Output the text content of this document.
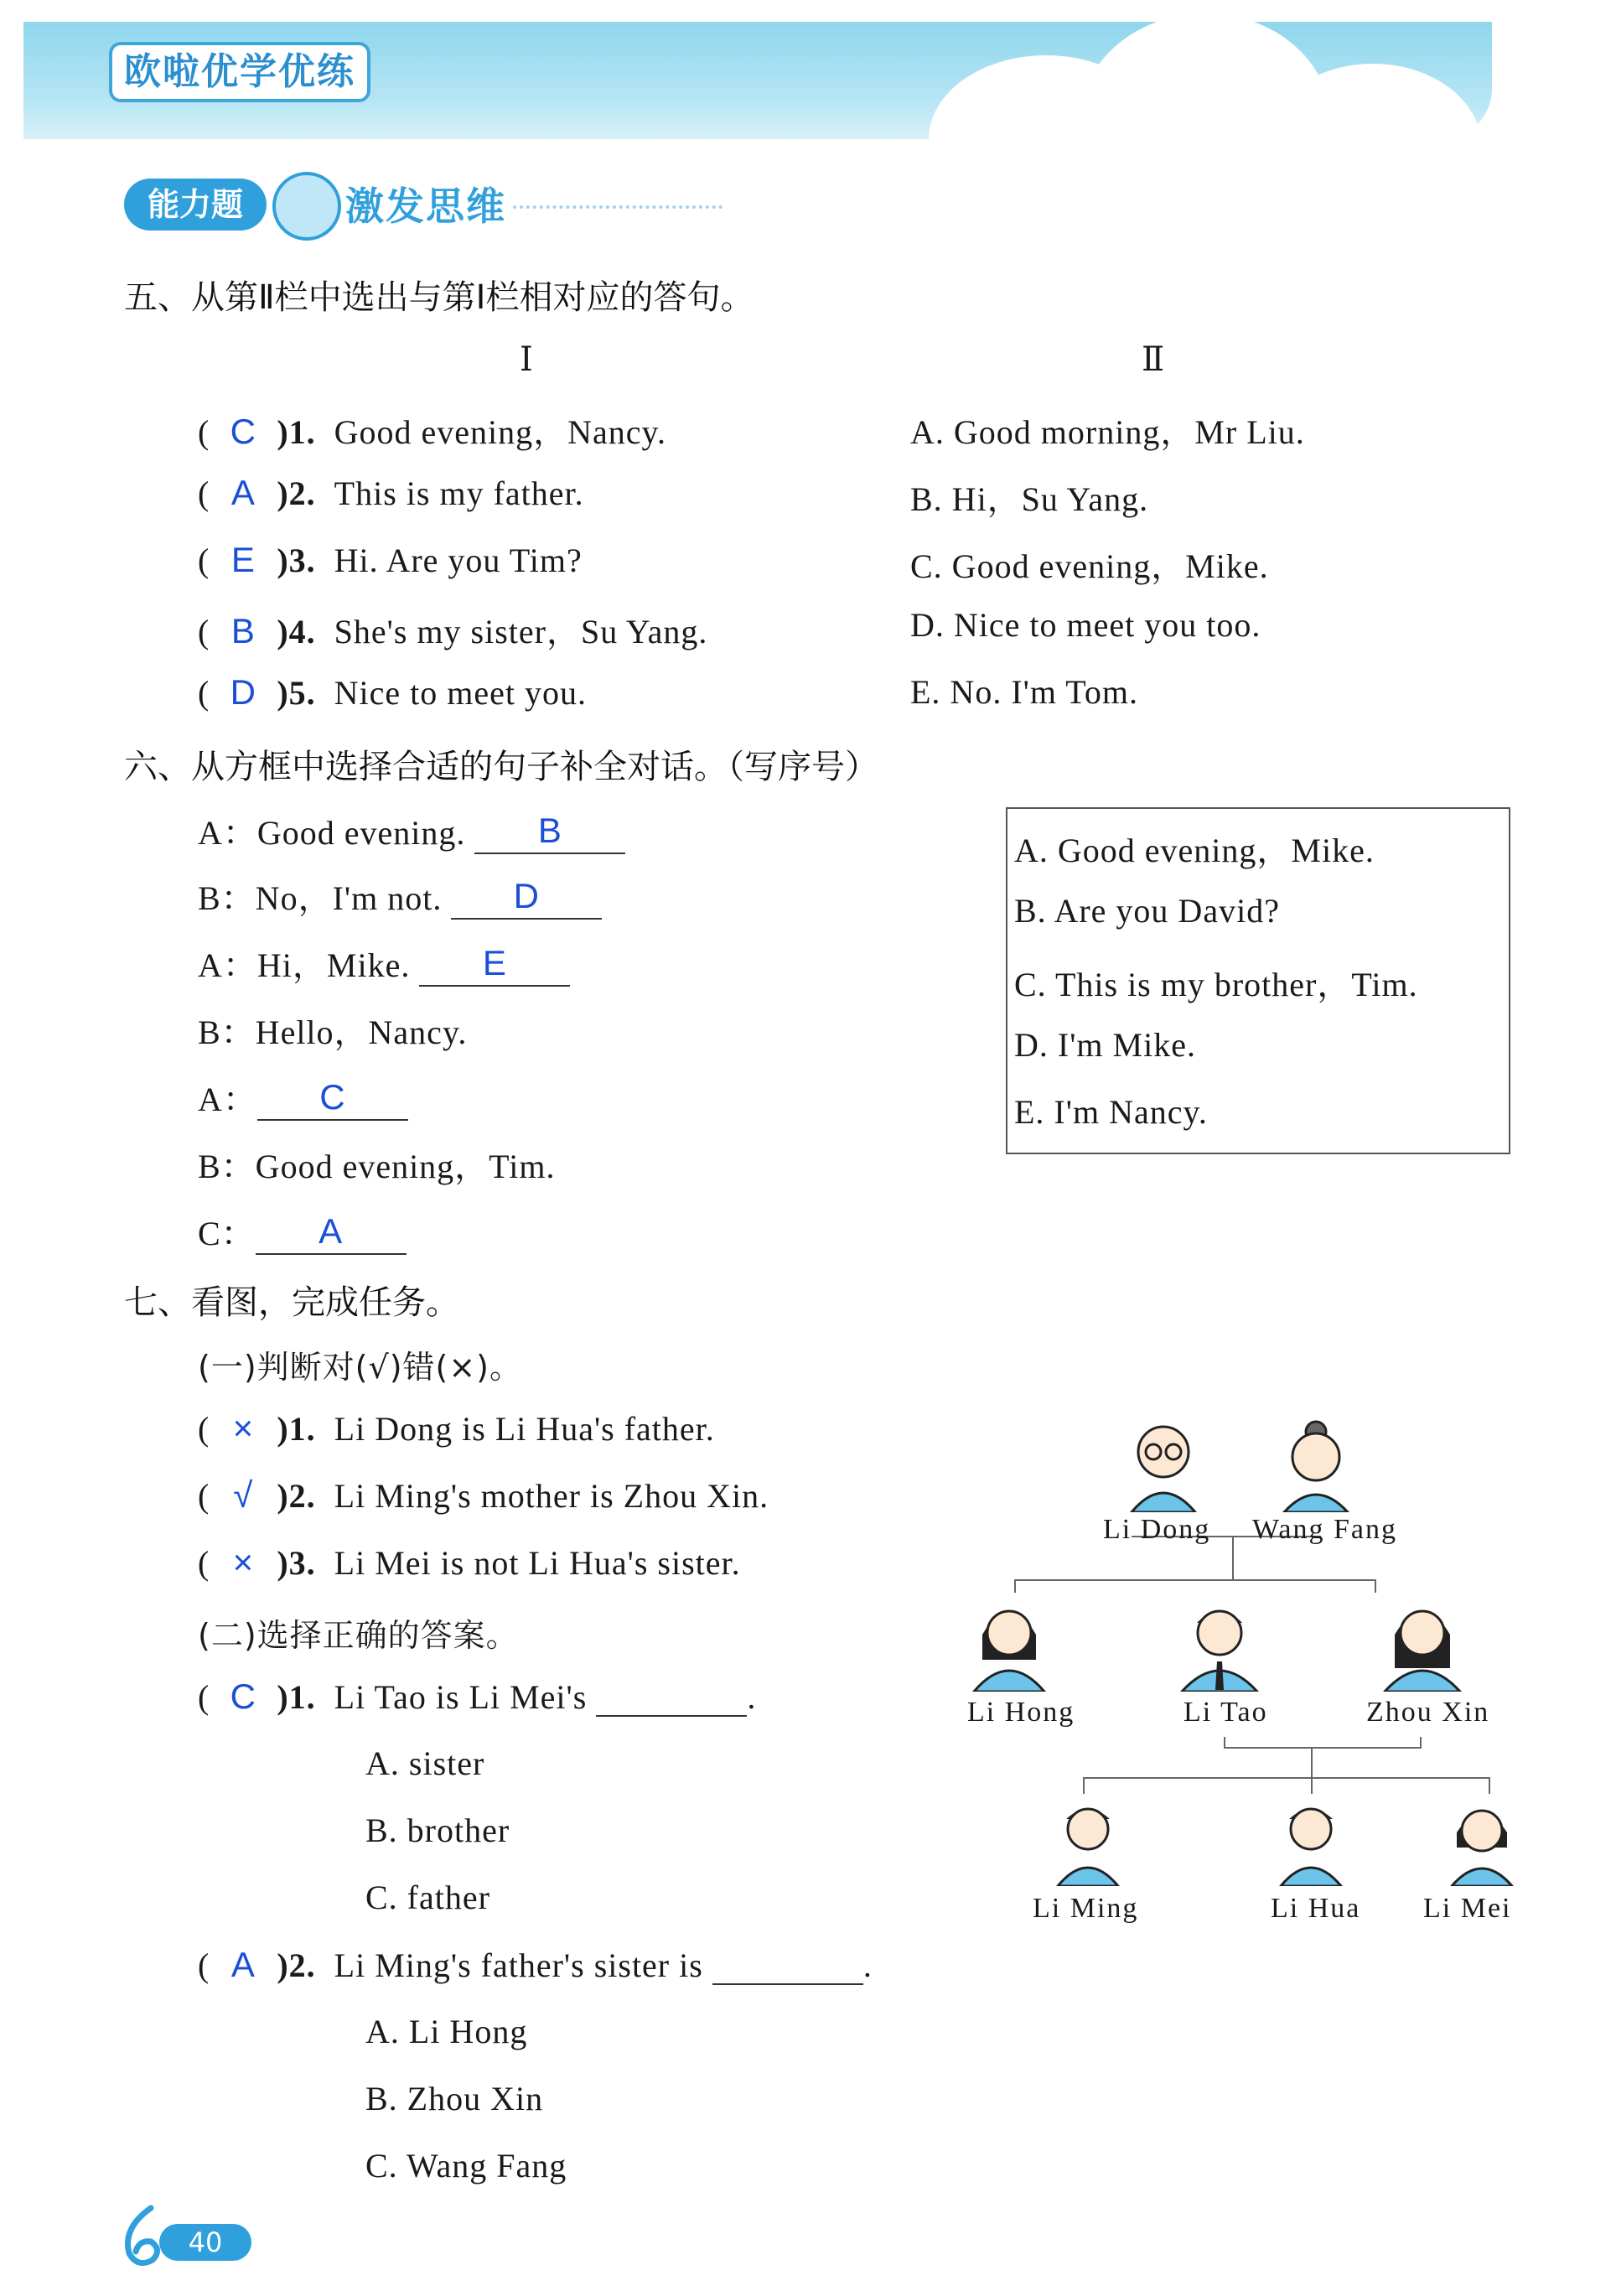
欧啦优学优练
能力题	激发思维
五、从第Ⅱ栏中选出与第Ⅰ栏相对应的答句。
Ⅰ	Ⅱ
( C )1. Good evening，Nancy.
( A )2. This is my father.
( E )3. Hi. Are you Tim?
( B )4. She's my sister，Su Yang.
( D )5. Nice to meet you.
A. Good morning，Mr Liu.
B. Hi，Su Yang.
C. Good evening，Mike.
D. Nice to meet you too.
E. No. I'm Tom.
六、从方框中选择合适的句子补全对话。（写序号）
A：Good evening. B
B：No，I'm not. D
A：Hi，Mike. E
B：Hello，Nancy.
A： C
B：Good evening，Tim.
C： A
A. Good evening，Mike.
B. Are you David?
C. This is my brother，Tim.
D. I'm Mike.
E. I'm Nancy.
七、看图，完成任务。
(一)判断对(√)错(×)。
( × )1. Li Dong is Li Hua's father.
( √ )2. Li Ming's mother is Zhou Xin.
( × )3. Li Mei is not Li Hua's sister.
(二)选择正确的答案。
( C )1. Li Tao is Li Mei's	.
A. sister
B. brother
C. father
( A )2. Li Ming's father's sister is	.
A. Li Hong
B. Zhou Xin
C. Wang Fang
Li Dong Wang Fang
Li Hong	Li Tao	Zhou Xin
Li Ming	Li Hua Li Mei
40
